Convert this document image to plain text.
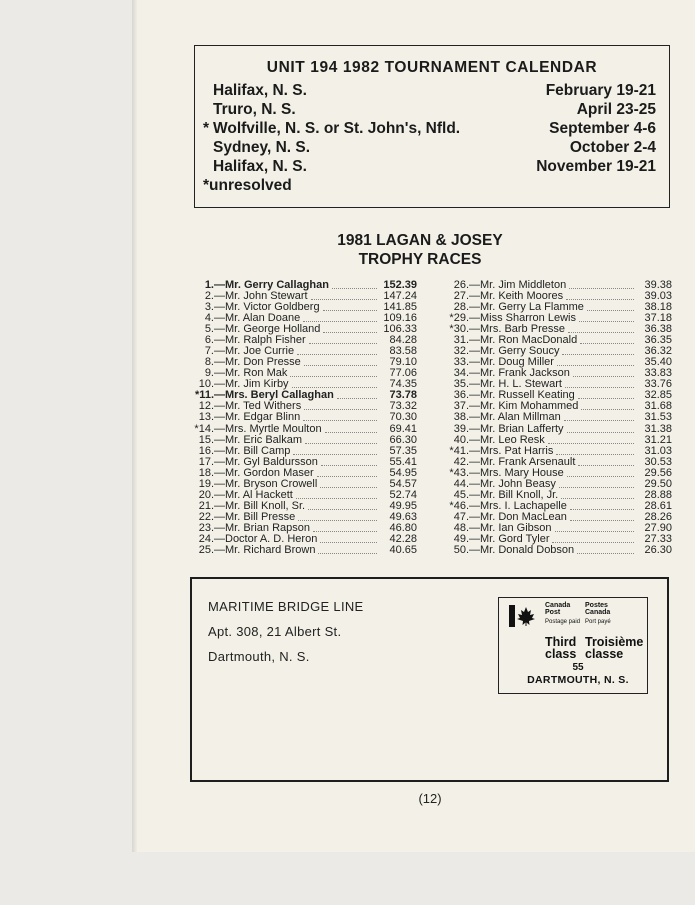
UNIT 194 1982 TOURNAMENT CALENDAR
Halifax, N. S.	February 19-21
Truro, N. S.	April 23-25
* Wolfville, N. S. or St. John's, Nfld.	September 4-6
Sydney, N. S.	October 2-4
Halifax, N. S.	November 19-21
*unresolved
1981 LAGAN & JOSEY
TROPHY RACES
1.— Mr. Gerry Callaghan	152.39
2.— Mr. John Stewart	147.24
3.— Mr. Victor Goldberg	141.85
4.— Mr. Alan Doane	109.16
5.— Mr. George Holland	106.33
6.— Mr. Ralph Fisher	84.28
7.— Mr. Joe Currie	83.58
8.— Mr. Don Presse	79.10
9.— Mr. Ron Mak	77.06
10.— Mr. Jim Kirby	74.35
*11.— Mrs. Beryl Callaghan	73.78
12.— Mr. Ted Withers	73.32
13.— Mr. Edgar Blinn	70.30
*14.— Mrs. Myrtle Moulton	69.41
15.— Mr. Eric Balkam	66.30
16.— Mr. Bill Camp	57.35
17.— Mr. Gyl Baldursson	55.41
18.— Mr. Gordon Maser	54.95
19.— Mr. Bryson Crowell	54.57
20.— Mr. Al Hackett	52.74
21.— Mr. Bill Knoll, Sr.	49.95
22.— Mr. Bill Presse	49.63
23.— Mr. Brian Rapson	46.80
24.— Doctor A. D. Heron	42.28
25.— Mr. Richard Brown	40.65
26.— Mr. Jim Middleton	39.38
27.— Mr. Keith Moores	39.03
28.— Mr. Gerry La Flamme	38.18
*29.— Miss Sharron Lewis	37.18
*30.— Mrs. Barb Presse	36.38
31.— Mr. Ron MacDonald	36.35
32.— Mr. Gerry Soucy	36.32
33.— Mr. Doug Miller	35.40
34.— Mr. Frank Jackson	33.83
35.— Mr. H. L. Stewart	33.76
36.— Mr. Russell Keating	32.85
37.— Mr. Kim Mohammed	31.68
38.— Mr. Alan Millman	31.53
39.— Mr. Brian Lafferty	31.38
40.— Mr. Leo Resk	31.21
*41.— Mrs. Pat Harris	31.03
42.— Mr. Frank Arsenault	30.53
*43.— Mrs. Mary House	29.56
44.— Mr. John Beasy	29.50
45.— Mr. Bill Knoll, Jr.	28.88
*46.— Mrs. I. Lachapelle	28.61
47.— Mr. Don MacLean	28.26
48.— Mr. Ian Gibson	27.90
49.— Mr. Gord Tyler	27.33
50.— Mr. Donald Dobson	26.30
MARITIME BRIDGE LINE
Apt. 308, 21 Albert St.
Dartmouth, N. S.
Canada
Post
Postage paid
Postes
Canada
Port payé
Third
class
Troisième
classe
55
DARTMOUTH, N. S.
(12)
